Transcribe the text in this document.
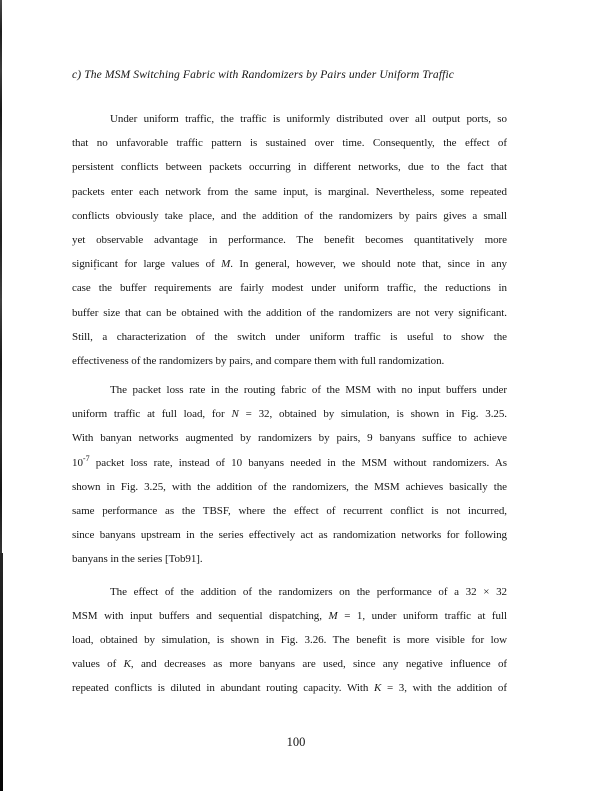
c) The MSM Switching Fabric with Randomizers by Pairs under Uniform Traffic
Under uniform traffic, the traffic is uniformly distributed over all output ports, so
that no unfavorable traffic pattern is sustained over time. Consequently, the effect of
persistent conflicts between packets occurring in different networks, due to the fact that
packets enter each network from the same input, is marginal. Nevertheless, some repeated
conflicts obviously take place, and the addition of the randomizers by pairs gives a small
yet observable advantage in performance. The benefit becomes quantitatively more
significant for large values of M. In general, however, we should note that, since in any
case the buffer requirements are fairly modest under uniform traffic, the reductions in
buffer size that can be obtained with the addition of the randomizers are not very significant.
Still, a characterization of the switch under uniform traffic is useful to show the
effectiveness of the randomizers by pairs, and compare them with full randomization.
The packet loss rate in the routing fabric of the MSM with no input buffers under
uniform traffic at full load, for N = 32, obtained by simulation, is shown in Fig. 3.25.
With banyan networks augmented by randomizers by pairs, 9 banyans suffice to achieve
$10^{-7}$ packet loss rate, instead of 10 banyans needed in the MSM without randomizers. As
shown in Fig. 3.25, with the addition of the randomizers, the MSM achieves basically the
same performance as the TBSF, where the effect of recurrent conflict is not incurred,
since banyans upstream in the series effectively act as randomization networks for following
banyans in the series [Tob91].
The effect of the addition of the randomizers on the performance of a 32 × 32
MSM with input buffers and sequential dispatching, M = 1, under uniform traffic at full
load, obtained by simulation, is shown in Fig. 3.26. The benefit is more visible for low
values of K, and decreases as more banyans are used, since any negative influence of
repeated conflicts is diluted in abundant routing capacity. With K = 3, with the addition of
100
